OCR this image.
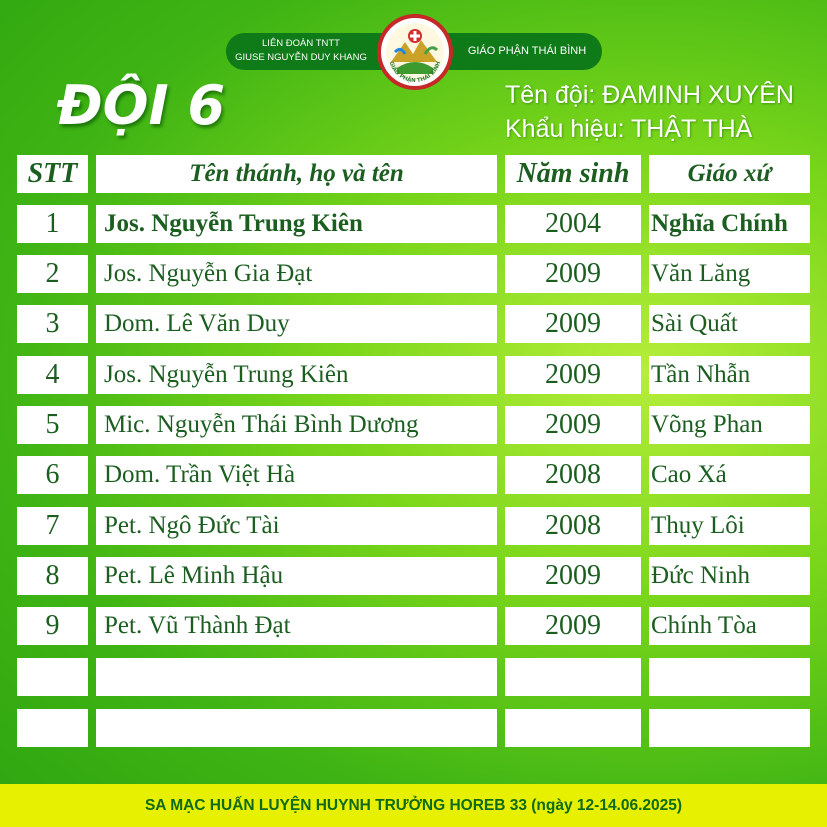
LIÊN ĐOÀN TNTT
GIUSE NGUYỄN DUY KHANG
GIÁO PHẬN THÁI BÌNH
GIÁO PHẬN THÁI BÌNH
ĐỘI 6	Tên đội: ĐAMINH XUYÊN
Khẩu hiệu: THẬT THÀ
STT	Tên thánh, họ và tên	Năm sinh	Giáo xứ
1	Jos. Nguyễn Trung Kiên	2004	Nghĩa Chính
2	Jos. Nguyễn Gia Đạt	2009	Văn Lăng
3	Dom. Lê Văn Duy	2009	Sài Quất
4	Jos. Nguyễn Trung Kiên	2009	Tần Nhẫn
5	Mic. Nguyễn Thái Bình Dương	2009	Võng Phan
6	Dom. Trần Việt Hà	2008	Cao Xá
7	Pet. Ngô Đức Tài	2008	Thụy Lôi
8	Pet. Lê Minh Hậu	2009	Đức Ninh
9	Pet. Vũ Thành Đạt	2009	Chính Tòa
SA MẠC HUẤN LUYỆN HUYNH TRƯỞNG HOREB 33 (ngày 12-14.06.2025)
